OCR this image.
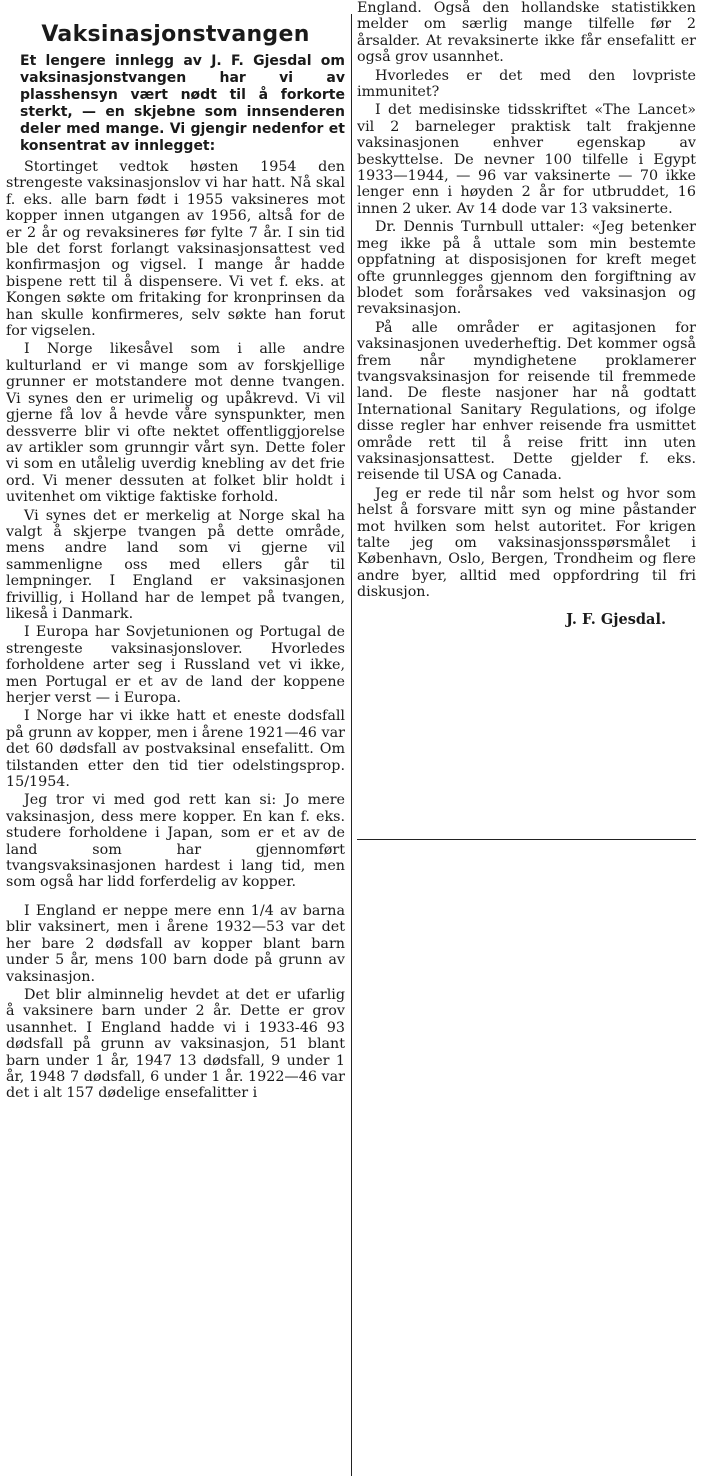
Vaksinasjonstvangen
Et lengere innlegg av J. F. Gjesdal om vaksinasjonstvangen har vi av plasshensyn vært nødt til å forkorte sterkt, — en skjebne som innsenderen deler med mange. Vi gjengir nedenfor et konsentrat av innlegget:

Stortinget vedtok høsten 1954 den strengeste vaksinasjonslov vi har hatt. Nå skal f. eks. alle barn født i 1955 vaksineres mot kopper innen utgangen av 1956, altså for de er 2 år og revaksineres før fylte 7 år. I sin tid ble det forst forlangt vaksinasjonsattest ved konfirmasjon og vigsel. I mange år hadde bispene rett til å dispensere. Vi vet f. eks. at Kongen søkte om fritaking for kronprinsen da han skulle konfirmeres, selv søkte han forut for vigselen.

I Norge likesåvel som i alle andre kulturland er vi mange som av forskjellige grunner er motstandere mot denne tvangen. Vi synes den er urimelig og upåkrevd. Vi vil gjerne få lov å hevde våre synspunkter, men dessverre blir vi ofte nektet offentliggjorelse av artikler som grunngir vårt syn. Dette foler vi som en utålelig uverdig knebling av det frie ord. Vi mener dessuten at folket blir holdt i uvitenhet om viktige faktiske forhold.

Vi synes det er merkelig at Norge skal ha valgt å skjerpe tvangen på dette område, mens andre land som vi gjerne vil sammenligne oss med ellers går til lempninger. I England er vaksinasjonen frivillig, i Holland har de lempet på tvangen, likeså i Danmark.

I Europa har Sovjetunionen og Portugal de strengeste vaksinasjonslover. Hvorledes forholdene arter seg i Russland vet vi ikke, men Portugal er et av de land der koppene herjer verst — i Europa.

I Norge har vi ikke hatt et eneste dodsfall på grunn av kopper, men i årene 1921—46 var det 60 dødsfall av postvaksinal ensefalitt. Om tilstanden etter den tid tier odelstingsprop. 15/1954.

Jeg tror vi med god rett kan si: Jo mere vaksinasjon, dess mere kopper. En kan f. eks. studere forholdene i Japan, som er et av de land som har gjennomført tvangsvaksinasjonen hardest i lang tid, men som også har lidd forferdelig av kopper.

I England er neppe mere enn 1/4 av barna blir vaksinert, men i årene 1932—53 var det her bare 2 dødsfall av kopper blant barn under 5 år, mens 100 barn dode på grunn av vaksinasjon.

Det blir alminnelig hevdet at det er ufarlig å vaksinere barn under 2 år. Dette er grov usannhet. I England hadde vi i 1933-46 93 dødsfall på grunn av vaksinasjon, 51 blant barn under 1 år, 1947 13 dødsfall, 9 under 1 år, 1948 7 dødsfall, 6 under 1 år. 1922—46 var det i alt 157 dødelige ensefalitter i

England. Også den hollandske statistikken melder om særlig mange tilfelle før 2 årsalder. At revaksinerte ikke får ensefalitt er også grov usannhet.

Hvorledes er det med den lovpriste immunitet?

I det medisinske tidsskriftet «The Lancet» vil 2 barneleger praktisk talt frakjenne vaksinasjonen enhver egenskap av beskyttelse. De nevner 100 tilfelle i Egypt 1933—1944, — 96 var vaksinerte — 70 ikke lenger enn i høyden 2 år for utbruddet, 16 innen 2 uker. Av 14 dode var 13 vaksinerte.

Dr. Dennis Turnbull uttaler: «Jeg betenker meg ikke på å uttale som min bestemte oppfatning at disposisjonen for kreft meget ofte grunnlegges gjennom den forgiftning av blodet som forårsakes ved vaksinasjon og revaksinasjon.

På alle områder er agitasjonen for vaksinasjonen uvederheftig. Det kommer også frem når myndighetene proklamerer tvangsvaksinasjon for reisende til fremmede land. De fleste nasjoner har nå godtatt International Sanitary Regulations, og ifolge disse regler har enhver reisende fra usmittet område rett til å reise fritt inn uten vaksinasjonsattest. Dette gjelder f. eks. reisende til USA og Canada.

Jeg er rede til når som helst og hvor som helst å forsvare mitt syn og mine påstander mot hvilken som helst autoritet. For krigen talte jeg om vaksinasjonsspørsmålet i København, Oslo, Bergen, Trondheim og flere andre byer, alltid med oppfordring til fri diskusjon.

J. F. Gjesdal.
